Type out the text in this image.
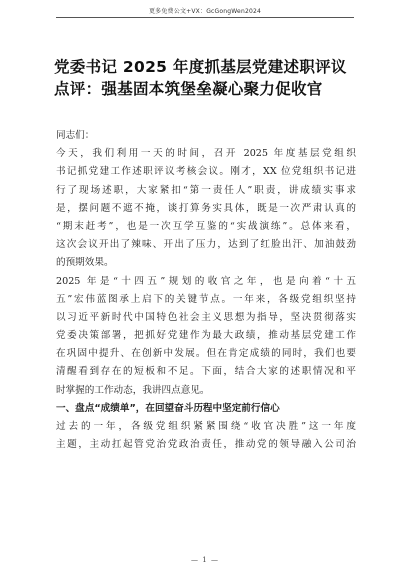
更多免费公文+VX：GcGongWen2024
党委书记 2025 年度抓基层党建述职评议
点评：强基固本筑堡垒凝心聚力促收官
同志们：
今天，我们利用一天的时间，召开 2025 年度基层党组织
书记抓党建工作述职评议考核会议。刚才，XX 位党组织书记进
行了现场述职，大家紧扣“第一责任人”职责，讲成绩实事求
是，摆问题不遮不掩，谈打算务实具体，既是一次严肃认真的
“期末赶考”，也是一次互学互鉴的“实战演练”。总体来看，
这次会议开出了辣味、开出了压力，达到了红脸出汗、加油鼓劲
的预期效果。
2025 年是“十四五”规划的收官之年，也是向着“十五
五”宏伟蓝图承上启下的关键节点。一年来，各级党组织坚持
以习近平新时代中国特色社会主义思想为指导，坚决贯彻落实
党委决策部署，把抓好党建作为最大政绩，推动基层党建工作
在巩固中提升、在创新中发展。但在肯定成绩的同时，我们也要
清醒看到存在的短板和不足。下面，结合大家的述职情况和平
时掌握的工作动态，我讲四点意见。
一、盘点“成绩单”，在回望奋斗历程中坚定前行信心
过去的一年，各级党组织紧紧围绕“收官决胜”这一年度
主题，主动扛起管党治党政治责任，推动党的领导融入公司治
— 1 —
